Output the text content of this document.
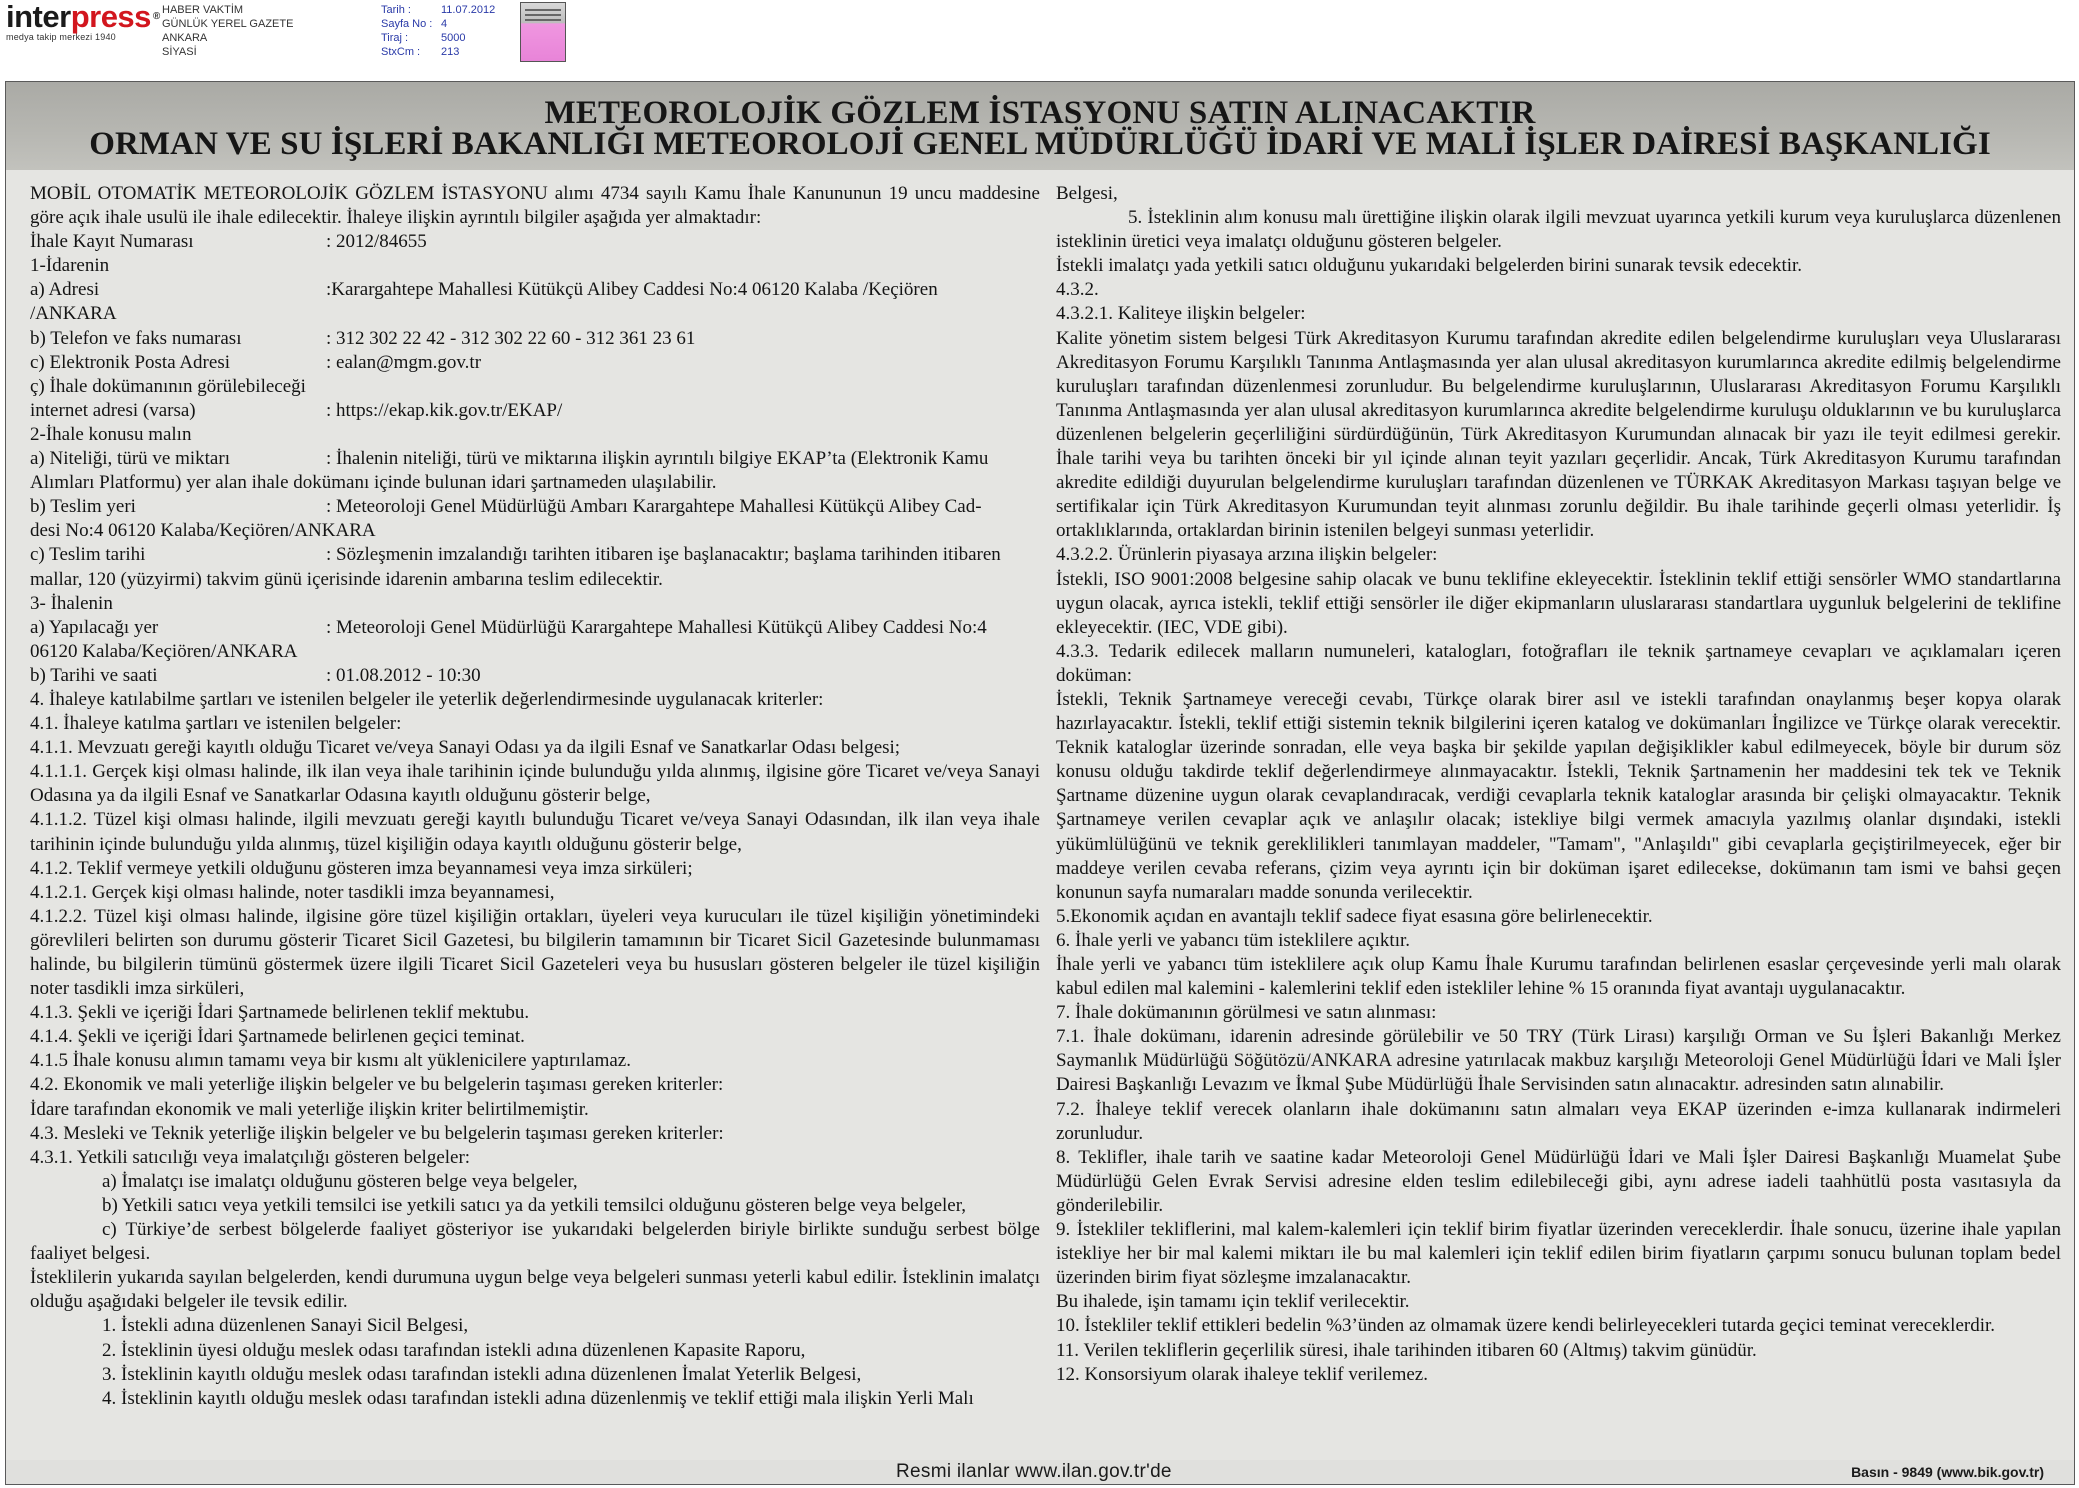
interpress ®
medya takip merkezi 1940
HABER VAKTİM
GÜNLÜK YEREL GAZETE
ANKARA
SİYASİ
Tarih :	11.07.2012
Sayfa No : 4
Tiraj :	5000
StxCm : 213
METEOROLOJİK GÖZLEM İSTASYONU SATIN ALINACAKTIR
ORMAN VE SU İŞLERİ BAKANLIĞI METEOROLOJİ GENEL MÜDÜRLÜĞÜ İDARİ VE MALİ İŞLER DAİRESİ BAŞKANLIĞI

MOBİL OTOMATİK METEOROLOJİK GÖZLEM İSTASYONU alımı 4734 sayılı Kamu İhale Kanununun 19 uncu maddesine göre açık ihale usulü ile ihale edilecektir. İhaleye ilişkin ayrıntılı bilgiler aşağıda yer almaktadır:

İhale Kayıt Numarası	: 2012/84655

1-İdarenin

a) Adresi	:Karargahtepe Mahallesi Kütükçü Alibey Caddesi No:4 06120 Kalaba /Keçiören

/ANKARA

b) Telefon ve faks numarası	: 312 302 22 42 - 312 302 22 60 - 312 361 23 61
c) Elektronik Posta Adresi	: ealan@mgm.gov.tr

ç) İhale dokümanının görülebileceği

internet adresi (varsa)	: https://ekap.kik.gov.tr/EKAP/

2-İhale konusu malın

a) Niteliği, türü ve miktarı	: İhalenin niteliği, türü ve miktarına ilişkin ayrıntılı bilgiye EKAP’ta (Elektronik Kamu

Alımları Platformu) yer alan ihale dokümanı içinde bulunan idari şartnameden ulaşılabilir.

b) Teslim yeri	: Meteoroloji Genel Müdürlüğü Ambarı Karargahtepe Mahallesi Kütükçü Alibey Cad-

desi No:4 06120 Kalaba/Keçiören/ANKARA

c) Teslim tarihi	: Sözleşmenin imzalandığı tarihten itibaren işe başlanacaktır; başlama tarihinden itibaren

mallar, 120 (yüzyirmi) takvim günü içerisinde idarenin ambarına teslim edilecektir.

3- İhalenin

a) Yapılacağı yer	: Meteoroloji Genel Müdürlüğü Karargahtepe Mahallesi Kütükçü Alibey Caddesi No:4

06120 Kalaba/Keçiören/ANKARA

b) Tarihi ve saati	: 01.08.2012 - 10:30

4. İhaleye katılabilme şartları ve istenilen belgeler ile yeterlik değerlendirmesinde uygulanacak kriterler:

4.1. İhaleye katılma şartları ve istenilen belgeler:

4.1.1. Mevzuatı gereği kayıtlı olduğu Ticaret ve/veya Sanayi Odası ya da ilgili Esnaf ve Sanatkarlar Odası belgesi;

4.1.1.1. Gerçek kişi olması halinde, ilk ilan veya ihale tarihinin içinde bulunduğu yılda alınmış, ilgisine göre Ticaret ve/veya Sanayi Odasına ya da ilgili Esnaf ve Sanatkarlar Odasına kayıtlı olduğunu gösterir belge,

4.1.1.2. Tüzel kişi olması halinde, ilgili mevzuatı gereği kayıtlı bulunduğu Ticaret ve/veya Sanayi Odasından, ilk ilan veya ihale tarihinin içinde bulunduğu yılda alınmış, tüzel kişiliğin odaya kayıtlı olduğunu gösterir belge,

4.1.2. Teklif vermeye yetkili olduğunu gösteren imza beyannamesi veya imza sirküleri;

4.1.2.1. Gerçek kişi olması halinde, noter tasdikli imza beyannamesi,

4.1.2.2. Tüzel kişi olması halinde, ilgisine göre tüzel kişiliğin ortakları, üyeleri veya kurucuları ile tüzel kişiliğin yönetimindeki görevlileri belirten son durumu gösterir Ticaret Sicil Gazetesi, bu bilgilerin tamamının bir Ticaret Sicil Gazetesinde bulunmaması halinde, bu bilgilerin tümünü göstermek üzere ilgili Ticaret Sicil Gazeteleri veya bu hususları gösteren belgeler ile tüzel kişiliğin noter tasdikli imza sirküleri,

4.1.3. Şekli ve içeriği İdari Şartnamede belirlenen teklif mektubu.

4.1.4. Şekli ve içeriği İdari Şartnamede belirlenen geçici teminat.

4.1.5 İhale konusu alımın tamamı veya bir kısmı alt yüklenicilere yaptırılamaz.

4.2. Ekonomik ve mali yeterliğe ilişkin belgeler ve bu belgelerin taşıması gereken kriterler:

İdare tarafından ekonomik ve mali yeterliğe ilişkin kriter belirtilmemiştir.

4.3. Mesleki ve Teknik yeterliğe ilişkin belgeler ve bu belgelerin taşıması gereken kriterler:

4.3.1. Yetkili satıcılığı veya imalatçılığı gösteren belgeler:

a) İmalatçı ise imalatçı olduğunu gösteren belge veya belgeler,

b) Yetkili satıcı veya yetkili temsilci ise yetkili satıcı ya da yetkili temsilci olduğunu gösteren belge veya belgeler,

c) Türkiye’de serbest bölgelerde faaliyet gösteriyor ise yukarıdaki belgelerden biriyle birlikte sunduğu serbest bölge faaliyet belgesi.

İsteklilerin yukarıda sayılan belgelerden, kendi durumuna uygun belge veya belgeleri sunması yeterli kabul edilir. İsteklinin imalatçı olduğu aşağıdaki belgeler ile tevsik edilir.

1. İstekli adına düzenlenen Sanayi Sicil Belgesi,

2. İsteklinin üyesi olduğu meslek odası tarafından istekli adına düzenlenen Kapasite Raporu,

3. İsteklinin kayıtlı olduğu meslek odası tarafından istekli adına düzenlenen İmalat Yeterlik Belgesi,

4. İsteklinin kayıtlı olduğu meslek odası tarafından istekli adına düzenlenmiş ve teklif ettiği mala ilişkin Yerli Malı

Belgesi,

5. İsteklinin alım konusu malı ürettiğine ilişkin olarak ilgili mevzuat uyarınca yetkili kurum veya kuruluşlarca düzenlenen isteklinin üretici veya imalatçı olduğunu gösteren belgeler.

İstekli imalatçı yada yetkili satıcı olduğunu yukarıdaki belgelerden birini sunarak tevsik edecektir.

4.3.2.

4.3.2.1. Kaliteye ilişkin belgeler:

Kalite yönetim sistem belgesi Türk Akreditasyon Kurumu tarafından akredite edilen belgelendirme kuruluşları veya Uluslararası Akreditasyon Forumu Karşılıklı Tanınma Antlaşmasında yer alan ulusal akreditasyon kurumlarınca akredite edilmiş belgelendirme kuruluşları tarafından düzenlenmesi zorunludur. Bu belgelendirme kuruluşlarının, Uluslararası Akreditasyon Forumu Karşılıklı Tanınma Antlaşmasında yer alan ulusal akreditasyon kurumlarınca akredite belgelendirme kuruluşu olduklarının ve bu kuruluşlarca düzenlenen belgelerin geçerliliğini sürdürdüğünün, Türk Akreditasyon Kurumundan alınacak bir yazı ile teyit edilmesi gerekir. İhale tarihi veya bu tarihten önceki bir yıl içinde alınan teyit yazıları geçerlidir. Ancak, Türk Akreditasyon Kurumu tarafından akredite edildiği duyurulan belgelendirme kuruluşları tarafından düzenlenen ve TÜRKAK Akreditasyon Markası taşıyan belge ve sertifikalar için Türk Akreditasyon Kurumundan teyit alınması zorunlu değildir. Bu ihale tarihinde geçerli olması yeterlidir. İş ortaklıklarında, ortaklardan birinin istenilen belgeyi sunması yeterlidir.

4.3.2.2. Ürünlerin piyasaya arzına ilişkin belgeler:

İstekli, ISO 9001:2008 belgesine sahip olacak ve bunu teklifine ekleyecektir. İsteklinin teklif ettiği sensörler WMO standartlarına uygun olacak, ayrıca istekli, teklif ettiği sensörler ile diğer ekipmanların uluslararası standartlara uygunluk belgelerini de teklifine ekleyecektir. (IEC, VDE gibi).

4.3.3. Tedarik edilecek malların numuneleri, katalogları, fotoğrafları ile teknik şartnameye cevapları ve açıklamaları içeren doküman:

İstekli, Teknik Şartnameye vereceği cevabı, Türkçe olarak birer asıl ve istekli tarafından onaylanmış beşer kopya olarak hazırlayacaktır. İstekli, teklif ettiği sistemin teknik bilgilerini içeren katalog ve dokümanları İngilizce ve Türkçe olarak verecektir. Teknik kataloglar üzerinde sonradan, elle veya başka bir şekilde yapılan değişiklikler kabul edilmeyecek, böyle bir durum söz konusu olduğu takdirde teklif değerlendirmeye alınmayacaktır. İstekli, Teknik Şartnamenin her maddesini tek tek ve Teknik Şartname düzenine uygun olarak cevaplandıracak, verdiği cevaplarla teknik kataloglar arasında bir çelişki olmayacaktır. Teknik Şartnameye verilen cevaplar açık ve anlaşılır olacak; istekliye bilgi vermek amacıyla yazılmış olanlar dışındaki, istekli yükümlülüğünü ve teknik gereklilikleri tanımlayan maddeler, "Tamam", "Anlaşıldı" gibi cevaplarla geçiştirilmeyecek, eğer bir maddeye verilen cevaba referans, çizim veya ayrıntı için bir doküman işaret edilecekse, dokümanın tam ismi ve bahsi geçen konunun sayfa numaraları madde sonunda verilecektir.

5.Ekonomik açıdan en avantajlı teklif sadece fiyat esasına göre belirlenecektir.

6. İhale yerli ve yabancı tüm isteklilere açıktır.

İhale yerli ve yabancı tüm isteklilere açık olup Kamu İhale Kurumu tarafından belirlenen esaslar çerçevesinde yerli malı olarak kabul edilen mal kalemini - kalemlerini teklif eden istekliler lehine % 15 oranında fiyat avantajı uygulanacaktır.

7. İhale dokümanının görülmesi ve satın alınması:

7.1. İhale dokümanı, idarenin adresinde görülebilir ve 50 TRY (Türk Lirası) karşılığı Orman ve Su İşleri Bakanlığı Merkez Saymanlık Müdürlüğü Söğütözü/ANKARA adresine yatırılacak makbuz karşılığı Meteoroloji Genel Müdürlüğü İdari ve Mali İşler Dairesi Başkanlığı Levazım ve İkmal Şube Müdürlüğü İhale Servisinden satın alınacaktır. adresinden satın alınabilir.

7.2. İhaleye teklif verecek olanların ihale dokümanını satın almaları veya EKAP üzerinden e-imza kullanarak indirmeleri zorunludur.

8. Teklifler, ihale tarih ve saatine kadar Meteoroloji Genel Müdürlüğü İdari ve Mali İşler Dairesi Başkanlığı Muamelat Şube Müdürlüğü Gelen Evrak Servisi adresine elden teslim edilebileceği gibi, aynı adrese iadeli taahhütlü posta vasıtasıyla da gönderilebilir.

9. İstekliler tekliflerini, mal kalem-kalemleri için teklif birim fiyatlar üzerinden vereceklerdir. İhale sonucu, üzerine ihale yapılan istekliye her bir mal kalemi miktarı ile bu mal kalemleri için teklif edilen birim fiyatların çarpımı sonucu bulunan toplam bedel üzerinden birim fiyat sözleşme imzalanacaktır.

Bu ihalede, işin tamamı için teklif verilecektir.

10. İstekliler teklif ettikleri bedelin %3’ünden az olmamak üzere kendi belirleyecekleri tutarda geçici teminat vereceklerdir.

11. Verilen tekliflerin geçerlilik süresi, ihale tarihinden itibaren 60 (Altmış) takvim günüdür.

12. Konsorsiyum olarak ihaleye teklif verilemez.

Resmi ilanlar www.ilan.gov.tr'de	Basın - 9849 (www.bik.gov.tr)
